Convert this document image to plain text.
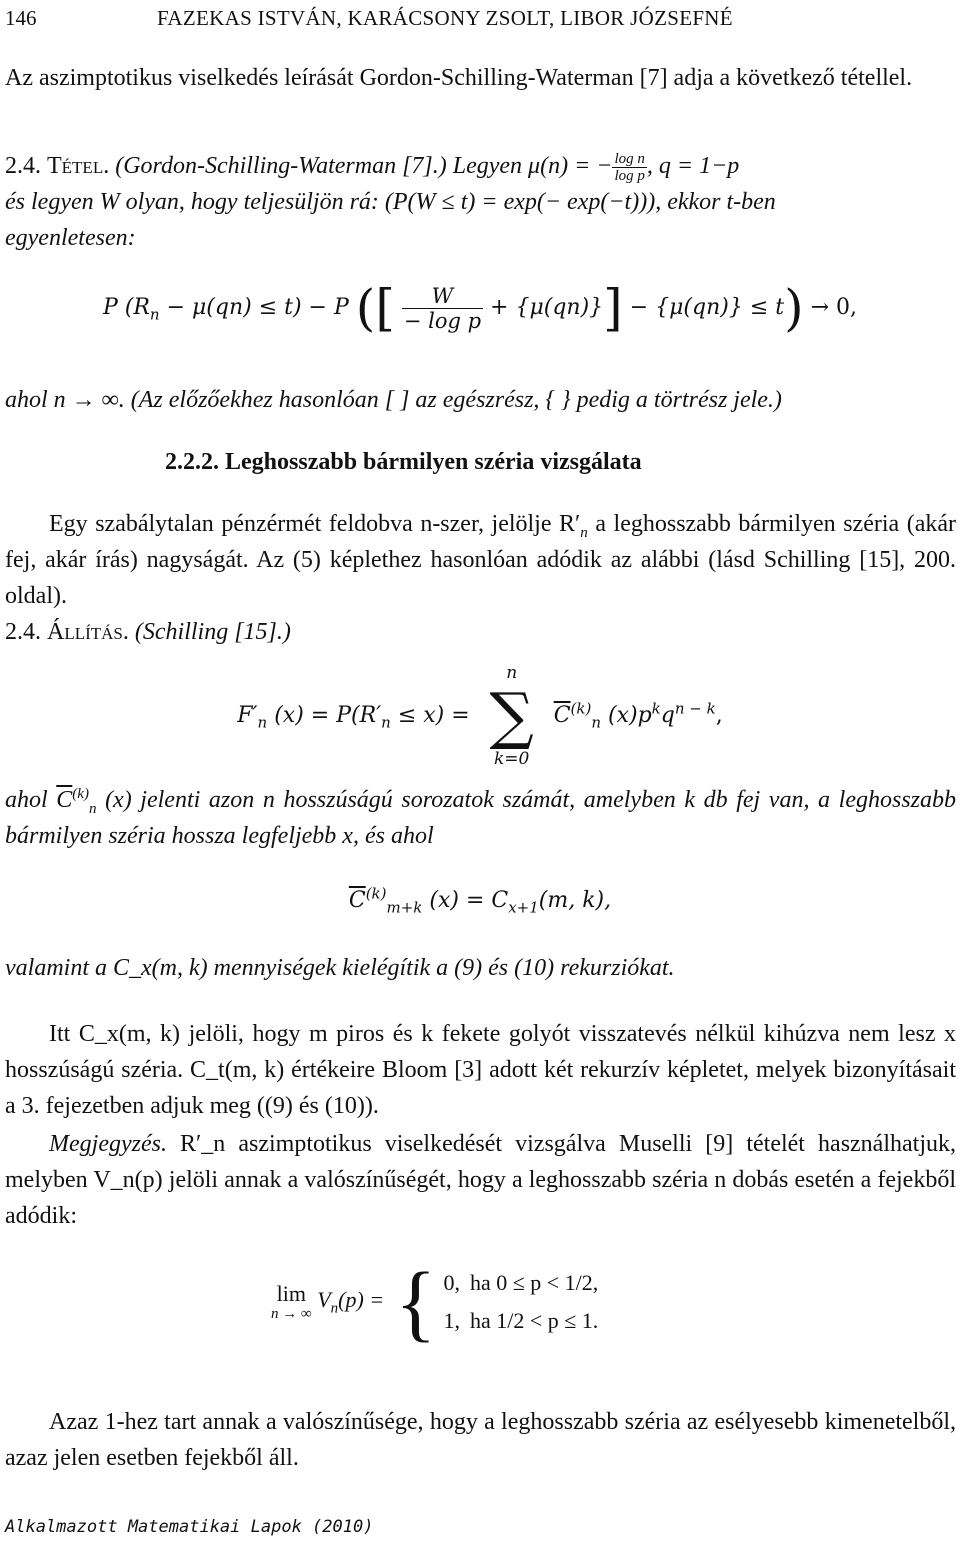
146	FAZEKAS ISTVÁN, KARÁCSONY ZSOLT, LIBOR JÓZSEFNÉ
Az aszimptotikus viselkedés leírását Gordon-Schilling-Waterman [7] adja a következő tétellel.
2.4. Tétel. (Gordon-Schilling-Waterman [7].) Legyen μ(n) = − $\frac{\text{log n}}{\text{log p}}$ , q = 1−p
és legyen W olyan, hogy teljesüljön rá: (P(W ≤ t) = exp(− exp(−t))), ekkor t-ben
egyenletesen:
P $(R_n - \mu(qn) \le t) - P$ ([ $\frac{W}{\text{− log p}} + \{\mu(qn)\}] - \{\mu(qn)\} \le t) \to 0$,
ahol n → ∞. (Az előzőekhez hasonlóan [ ] az egészrész, { } pedig a törtrész jele.)
2.2.2. Leghosszabb bármilyen széria vizsgálata
Egy szabálytalan pénzérmét feldobva n-szer, jelölje $R'_n$ a leghosszabb bármilyen széria (akár fej, akár írás) nagyságát. Az (5) képlethez hasonlóan adódik az alábbi (lásd Schilling [15], 200. oldal).
2.4. Állítás. (Schilling [15].)
$F'_n$ $(x) = P(R'_n \le x)$ =
n
∑
k=0
$\overline{C}^{(k)}_n$ $(x)p^kq^{n - k}$,
ahol $\overline{C}^{(k)}_n$ (x) jelenti azon n hosszúságú sorozatok számát, amelyben k db fej van, a leghosszabb bármilyen széria hossza legfeljebb x, és ahol
$\overline{C}^{(k)}_{m+k}$ $(x) = C_{x+1}(m$, k),
valamint a C_x(m, k) mennyiségek kielégítik a (9) és (10) rekurziókat.
Itt C_x(m, k) jelöli, hogy m piros és k fekete golyót visszatevés nélkül kihúzva nem lesz x hosszúságú széria. C_t(m, k) értékeire Bloom [3] adott két rekurzív képletet, melyek bizonyításait a 3. fejezetben adjuk meg ((9) és (10)).
Megjegyzés. R′_n aszimptotikus viselkedését vizsgálva Muselli [9] tételét használhatjuk, melyben V_n(p) jelöli annak a valószínűségét, hogy a leghosszabb széria n dobás esetén a fejekből adódik:
lim
n → ∞
$V_n(p)$ =	{	0,	ha 0 ≤ p < 1/2,
1,	ha 1/2 < p ≤ 1.
Azaz 1-hez tart annak a valószínűsége, hogy a leghosszabb széria az esélyesebb kimenetelből, azaz jelen esetben fejekből áll.
Alkalmazott Matematikai Lapok (2010)
